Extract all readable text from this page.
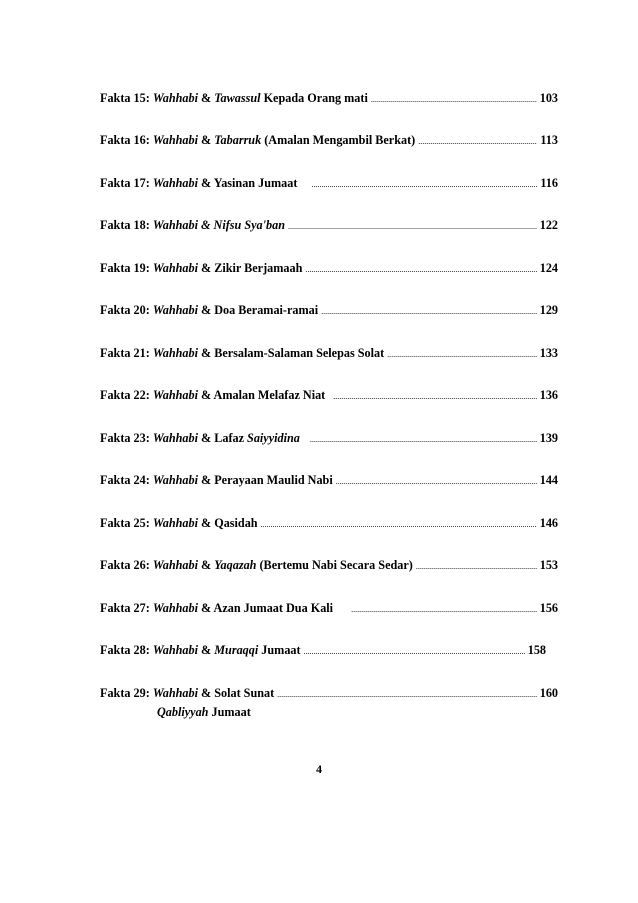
Fakta 15: Wahhabi & Tawassul Kepada Orang mati .....	103
Fakta 16: Wahhabi & Tabarruk (Amalan Mengambil Berkat) .....	113
Fakta 17: Wahhabi & Yasinan Jumaat .....	116
Fakta 18: Wahhabi & Nifsu Sya'ban .....	122
Fakta 19: Wahhabi & Zikir Berjamaah .....	124
Fakta 20: Wahhabi & Doa Beramai-ramai .....	129
Fakta 21: Wahhabi & Bersalam-Salaman Selepas Solat .....	133
Fakta 22: Wahhabi & Amalan Melafaz Niat .....	136
Fakta 23: Wahhabi & Lafaz Saiyyidina .....	139
Fakta 24: Wahhabi & Perayaan Maulid Nabi .....	144
Fakta 25: Wahhabi & Qasidah .....	146
Fakta 26: Wahhabi & Yaqazah (Bertemu Nabi Secara Sedar) .....	153
Fakta 27: Wahhabi & Azan Jumaat Dua Kali .....	156
Fakta 28: Wahhabi & Muraqqi Jumaat .....	158
Fakta 29: Wahhabi & Solat Sunat .....	160
Qabliyyah Jumaat
4
